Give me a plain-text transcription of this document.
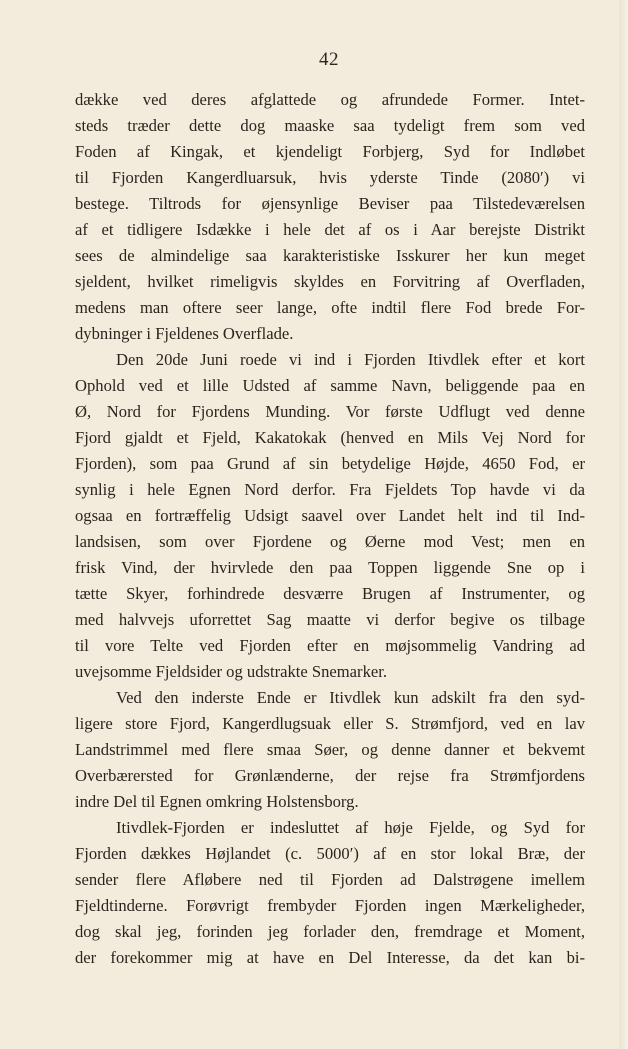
42
dække ved deres afglattede og afrundede Former. Intet-
steds træder dette dog maaske saa tydeligt frem som ved
Foden af Kingak, et kjendeligt Forbjerg, Syd for Indløbet
til Fjorden Kangerdluarsuk, hvis yderste Tinde (2080′) vi
bestege. Tiltrods for øjensynlige Beviser paa Tilstedeværelsen
af et tidligere Isdække i hele det af os i Aar berejste Distrikt
sees de almindelige saa karakteristiske Isskurer her kun meget
sjeldent, hvilket rimeligvis skyldes en Forvitring af Overfladen,
medens man oftere seer lange, ofte indtil flere Fod brede For-
dybninger i Fjeldenes Overflade.
Den 20de Juni roede vi ind i Fjorden Itivdlek efter et kort
Ophold ved et lille Udsted af samme Navn, beliggende paa en
Ø, Nord for Fjordens Munding. Vor første Udflugt ved denne
Fjord gjaldt et Fjeld, Kakatokak (henved en Mils Vej Nord for
Fjorden), som paa Grund af sin betydelige Højde, 4650 Fod, er
synlig i hele Egnen Nord derfor. Fra Fjeldets Top havde vi da
ogsaa en fortræffelig Udsigt saavel over Landet helt ind til Ind-
landsisen, som over Fjordene og Øerne mod Vest; men en
frisk Vind, der hvirvlede den paa Toppen liggende Sne op i
tætte Skyer, forhindrede desværre Brugen af Instrumenter, og
med halvvejs uforrettet Sag maatte vi derfor begive os tilbage
til vore Telte ved Fjorden efter en møjsommelig Vandring ad
uvejsomme Fjeldsider og udstrakte Snemarker.
Ved den inderste Ende er Itivdlek kun adskilt fra den syd-
ligere store Fjord, Kangerdlugsuak eller S. Strømfjord, ved en lav
Landstrimmel med flere smaa Søer, og denne danner et bekvemt
Overbærersted for Grønlænderne, der rejse fra Strømfjordens
indre Del til Egnen omkring Holstensborg.
Itivdlek-Fjorden er indesluttet af høje Fjelde, og Syd for
Fjorden dækkes Højlandet (c. 5000′) af en stor lokal Bræ, der
sender flere Afløbere ned til Fjorden ad Dalstrøgene imellem
Fjeldtinderne. Forøvrigt frembyder Fjorden ingen Mærkeligheder,
dog skal jeg, forinden jeg forlader den, fremdrage et Moment,
der forekommer mig at have en Del Interesse, da det kan bi-
